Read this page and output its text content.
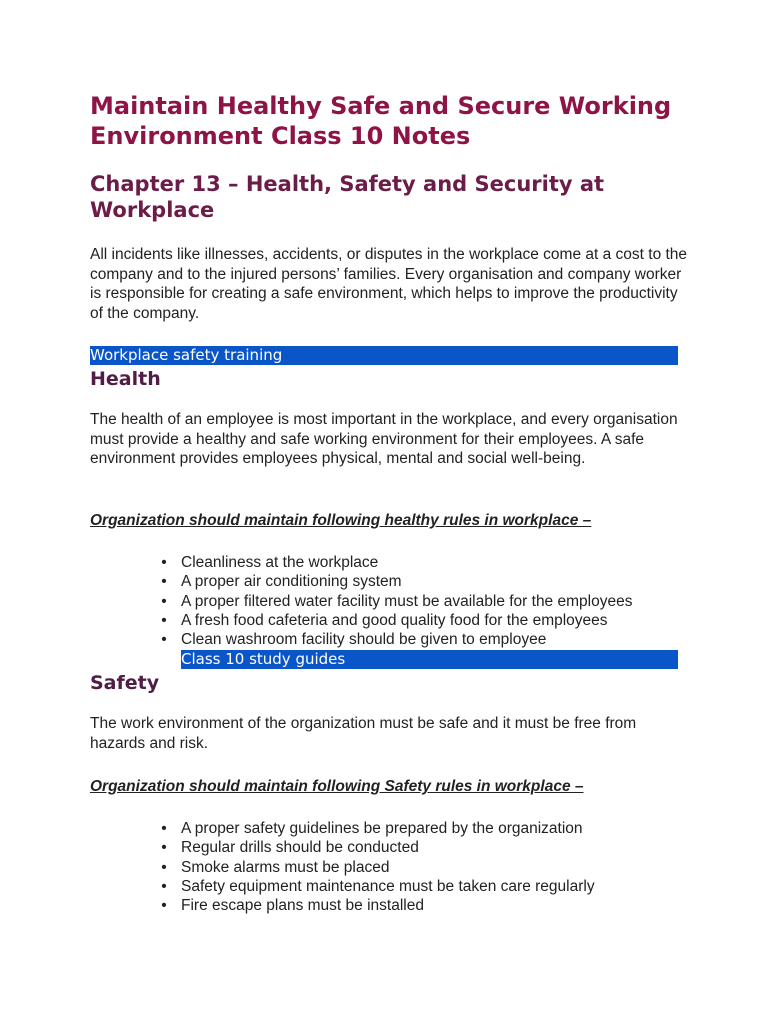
Maintain Healthy Safe and Secure Working Environment Class 10 Notes
Chapter 13 – Health, Safety and Security at Workplace

All incidents like illnesses, accidents, or disputes in the workplace come at a cost to the company and to the injured persons’ families. Every organisation and company worker is responsible for creating a safe environment, which helps to improve the productivity of the company.

Workplace safety training
Health

The health of an employee is most important in the workplace, and every organisation must provide a healthy and safe working environment for their employees. A safe environment provides employees physical, mental and social well-being.

Organization should maintain following healthy rules in workplace –

• Cleanliness at the workplace
• A proper air conditioning system
• A proper filtered water facility must be available for the employees
• A fresh food cafeteria and good quality food for the employees
• Clean washroom facility should be given to employee
Class 10 study guides
Safety

The work environment of the organization must be safe and it must be free from hazards and risk.

Organization should maintain following Safety rules in workplace –

• A proper safety guidelines be prepared by the organization
• Regular drills should be conducted
• Smoke alarms must be placed
• Safety equipment maintenance must be taken care regularly
• Fire escape plans must be installed
